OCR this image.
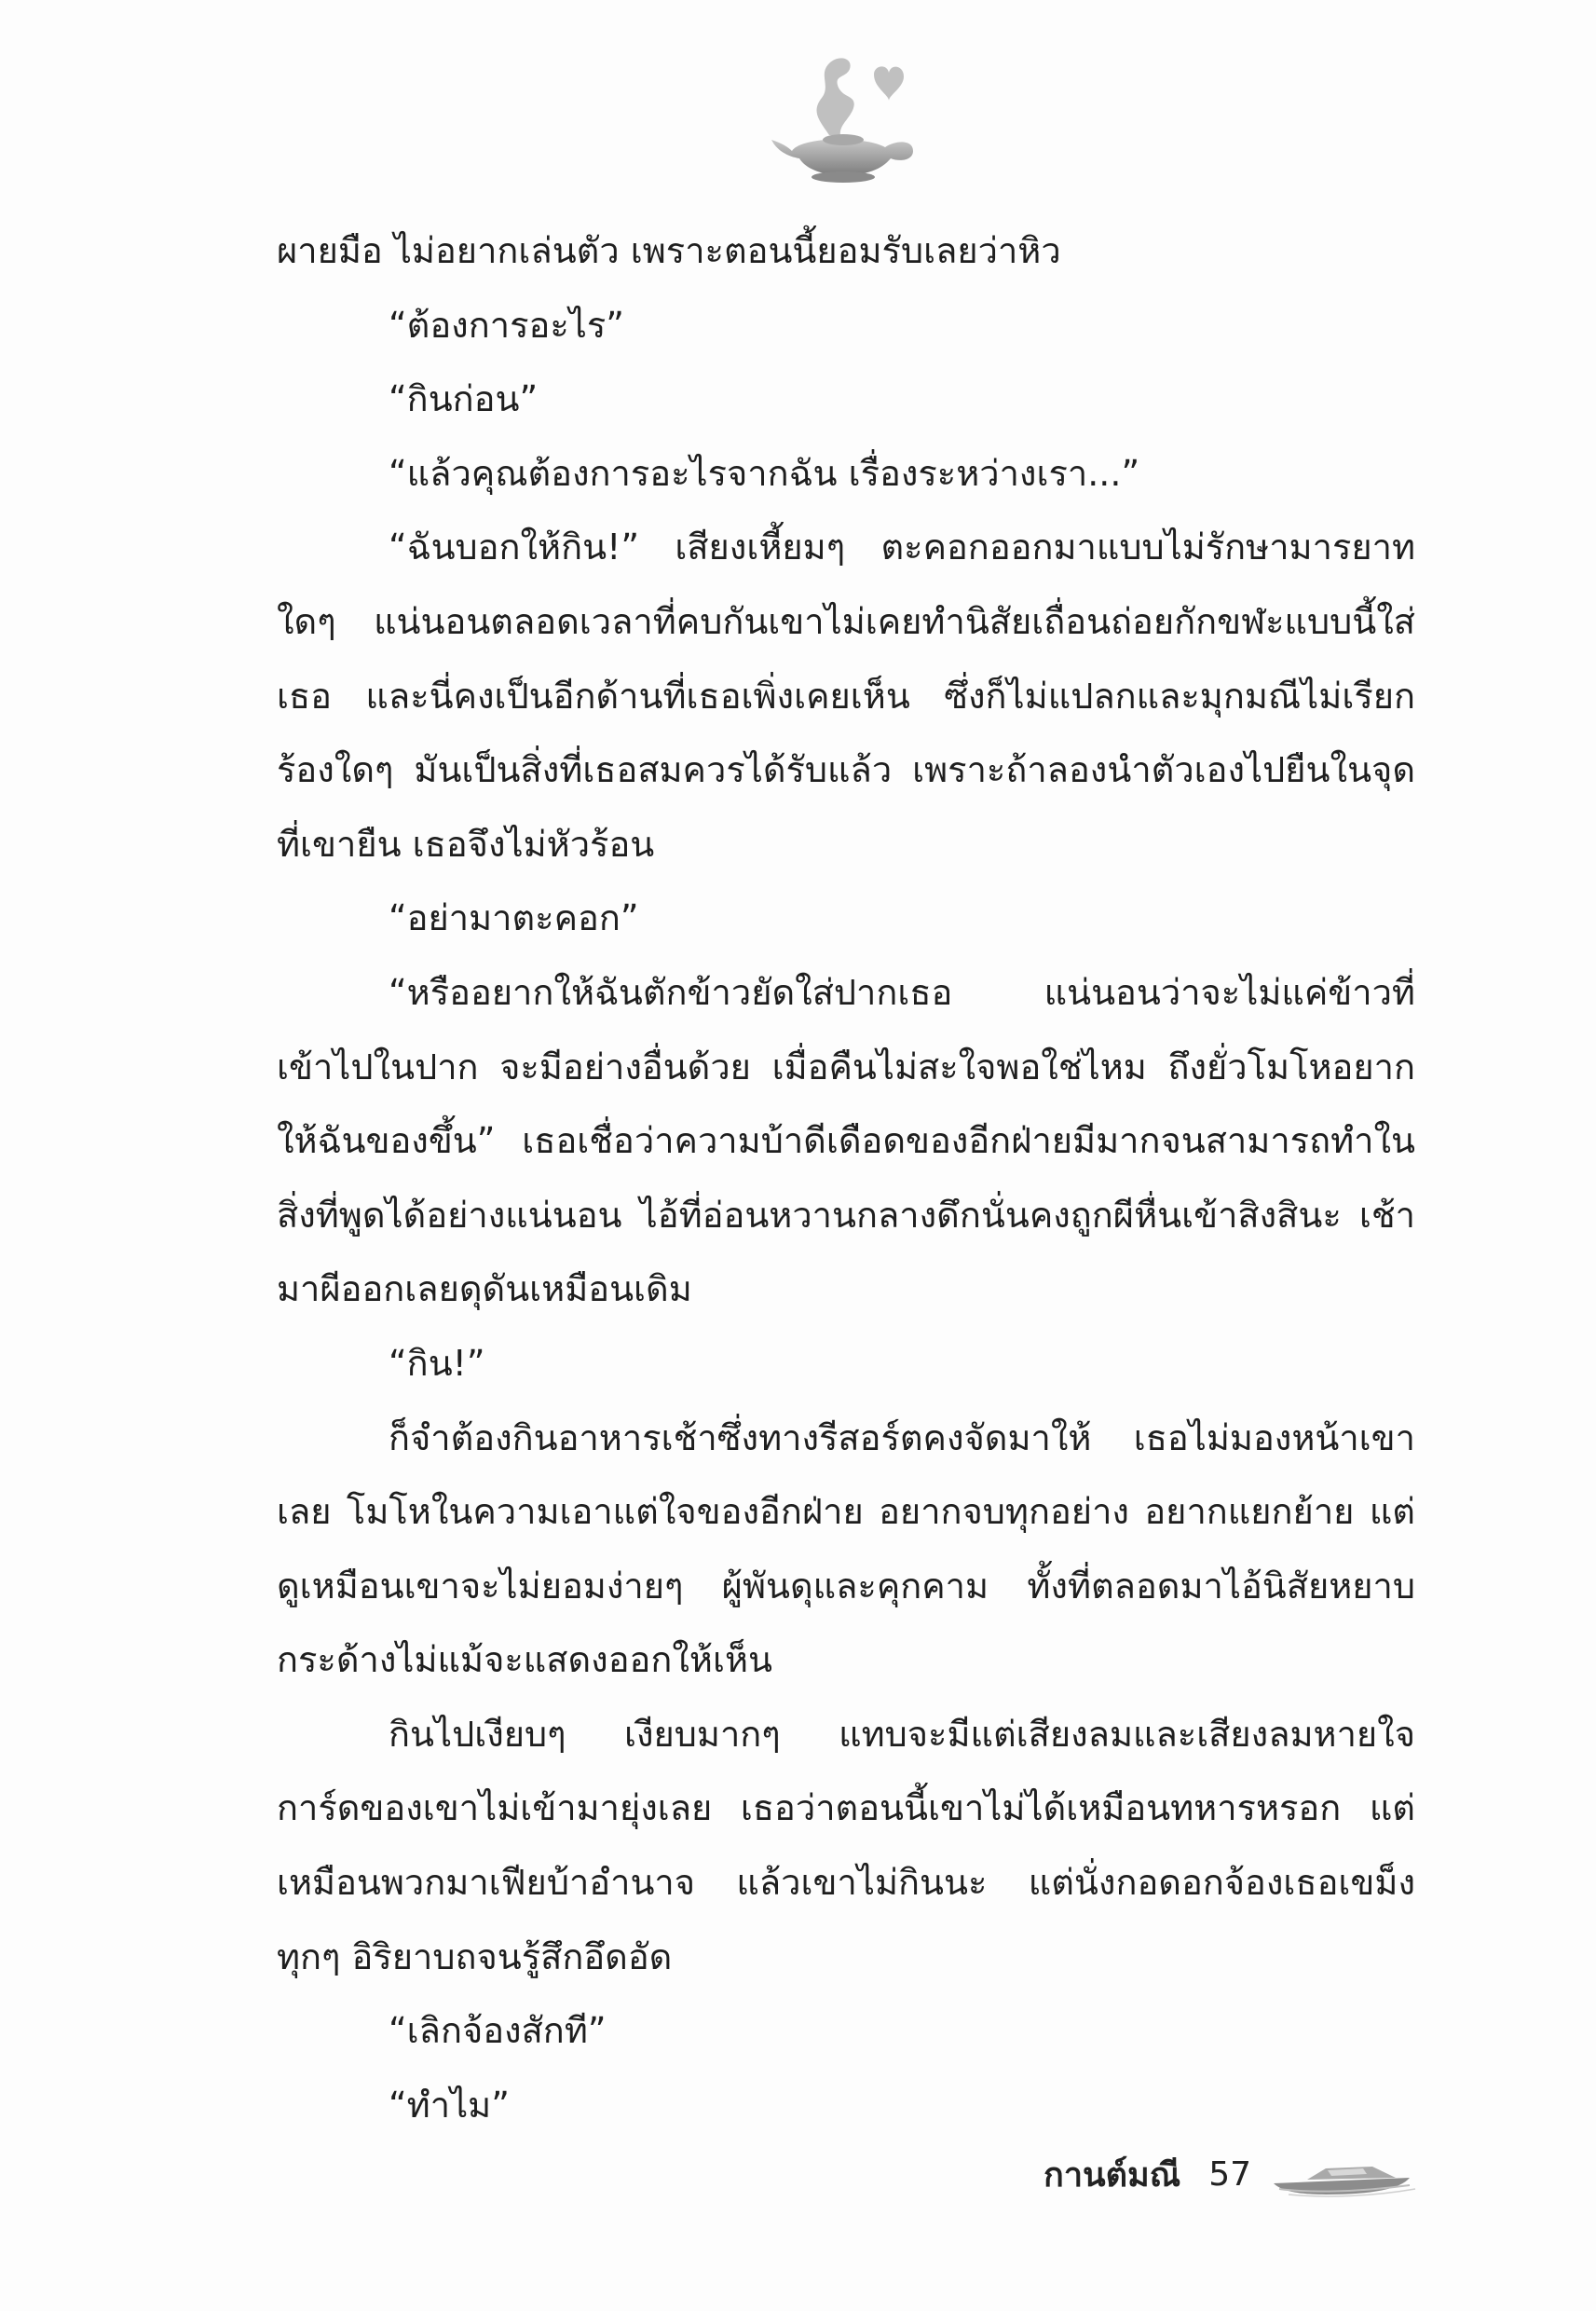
ผายมือ ไม่อยากเล่นตัว เพราะตอนนี้ยอมรับเลยว่าหิว

“ต้องการอะไร”

“กินก่อน”

“แล้วคุณต้องการอะไรจากฉัน เรื่องระหว่างเรา...”

“ฉันบอกให้กิน!” เสียงเหี้ยมๆ ตะคอกออกมาแบบไม่รักษามารยาทใดๆ แน่นอนตลอดเวลาที่คบกันเขาไม่เคยทำนิสัยเถื่อนถ่อยกักขฬะแบบนี้ใส่เธอ และนี่คงเป็นอีกด้านที่เธอเพิ่งเคยเห็น ซึ่งก็ไม่แปลกและมุกมณีไม่เรียกร้องใดๆ มันเป็นสิ่งที่เธอสมควรได้รับแล้ว เพราะถ้าลองนำตัวเองไปยืนในจุดที่เขายืน เธอจึงไม่หัวร้อน

“อย่ามาตะคอก”

“หรืออยากให้ฉันตักข้าวยัดใส่ปากเธอ แน่นอนว่าจะไม่แค่ข้าวที่เข้าไปในปาก จะมีอย่างอื่นด้วย เมื่อคืนไม่สะใจพอใช่ไหม ถึงยั่วโมโหอยากให้ฉันของขึ้น” เธอเชื่อว่าความบ้าดีเดือดของอีกฝ่ายมีมากจนสามารถทำในสิ่งที่พูดได้อย่างแน่นอน ไอ้ที่อ่อนหวานกลางดึกนั่นคงถูกผีหื่นเข้าสิงสินะ เช้ามาผีออกเลยดุดันเหมือนเดิม

“กิน!”

ก็จำต้องกินอาหารเช้าซึ่งทางรีสอร์ตคงจัดมาให้ เธอไม่มองหน้าเขาเลย โมโหในความเอาแต่ใจของอีกฝ่าย อยากจบทุกอย่าง อยากแยกย้าย แต่ดูเหมือนเขาจะไม่ยอมง่ายๆ ผู้พันดุและคุกคาม ทั้งที่ตลอดมาไอ้นิสัยหยาบกระด้างไม่แม้จะแสดงออกให้เห็น

กินไปเงียบๆ เงียบมากๆ แทบจะมีแต่เสียงลมและเสียงลมหายใจ การ์ดของเขาไม่เข้ามายุ่งเลย เธอว่าตอนนี้เขาไม่ได้เหมือนทหารหรอก แต่เหมือนพวกมาเฟียบ้าอำนาจ แล้วเขาไม่กินนะ แต่นั่งกอดอกจ้องเธอเขม็งทุกๆ อิริยาบถจนรู้สึกอึดอัด

“เลิกจ้องสักที”

“ทำไม”

กานต์มณี 57
